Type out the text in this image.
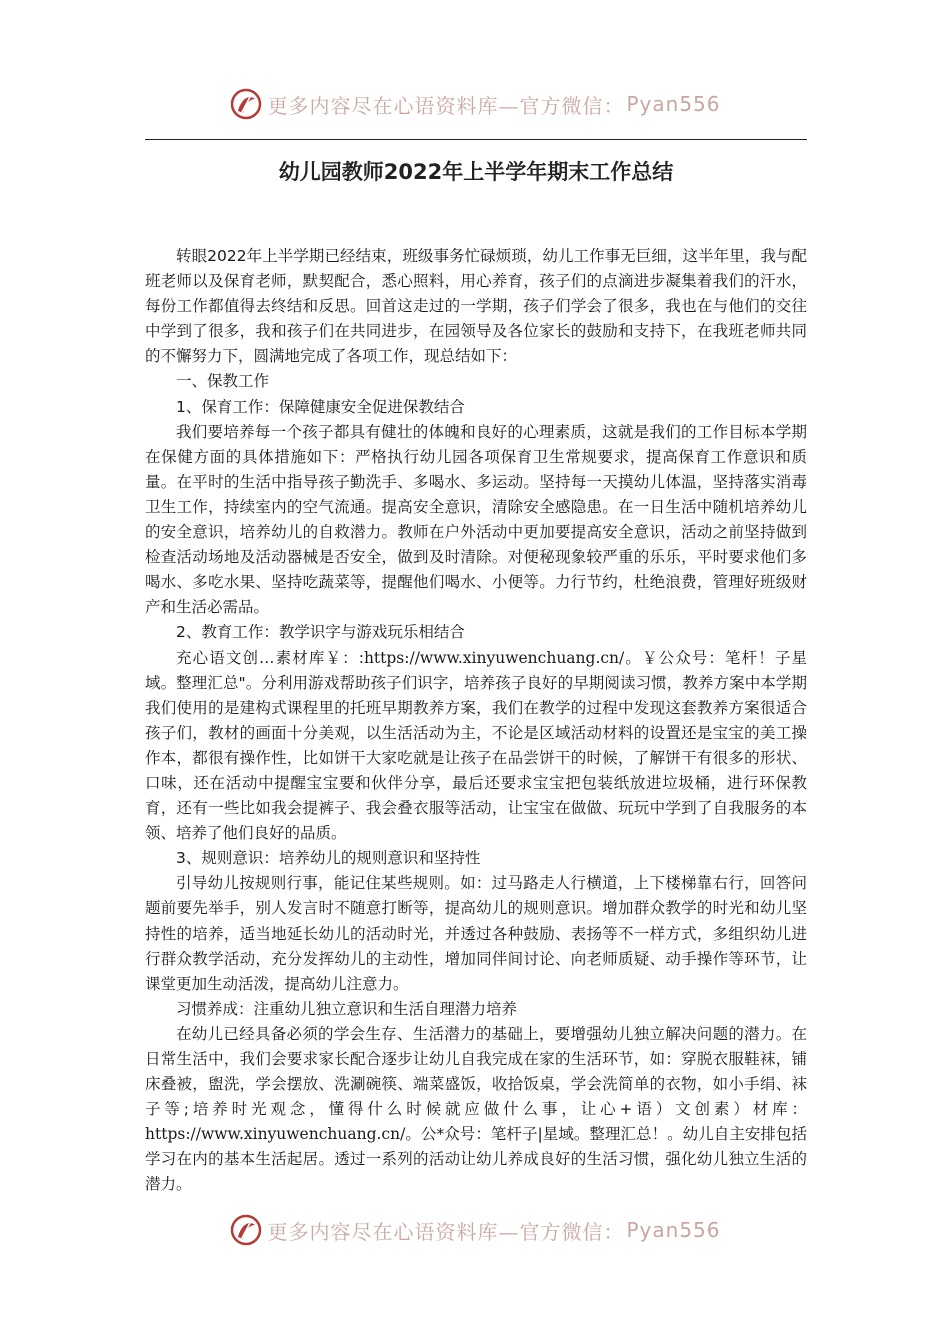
更多内容尽在心语资料库—官方微信： Pyan556
幼儿园教师2022年上半学年期末工作总结

转眼2022年上半学期已经结束，班级事务忙碌烦琐，幼儿工作事无巨细，这半年里，我与配班老师以及保育老师，默契配合，悉心照料，用心养育，孩子们的点滴进步凝集着我们的汗水，每份工作都值得去终结和反思。回首这走过的一学期，孩子们学会了很多，我也在与他们的交往中学到了很多，我和孩子们在共同进步，在园领导及各位家长的鼓励和支持下，在我班老师共同的不懈努力下，圆满地完成了各项工作，现总结如下：

一、保教工作

1、保育工作：保障健康安全促进保教结合

我们要培养每一个孩子都具有健壮的体魄和良好的心理素质，这就是我们的工作目标本学期在保健方面的具体措施如下：严格执行幼儿园各项保育卫生常规要求，提高保育工作意识和质量。在平时的生活中指导孩子勤洗手、多喝水、多运动。坚持每一天摸幼儿体温，坚持落实消毒卫生工作，持续室内的空气流通。提高安全意识，清除安全感隐患。在一日生活中随机培养幼儿的安全意识，培养幼儿的自救潜力。教师在户外活动中更加要提高安全意识，活动之前坚持做到检查活动场地及活动器械是否安全，做到及时清除。对便秘现象较严重的乐乐，平时要求他们多喝水、多吃水果、坚持吃蔬菜等，提醒他们喝水、小便等。力行节约，杜绝浪费，管理好班级财产和生活必需品。

2、教育工作：教学识字与游戏玩乐相结合

充心语文创…素材库￥：:https://www.xinyuwenchuang.cn/。￥公众号：笔杆！子星域。整理汇总"。分利用游戏帮助孩子们识字，培养孩子良好的早期阅读习惯，教养方案中本学期我们使用的是建构式课程里的托班早期教养方案，我们在教学的过程中发现这套教养方案很适合孩子们，教材的画面十分美观，以生活活动为主，不论是区域活动材料的设置还是宝宝的美工操作本，都很有操作性，比如饼干大家吃就是让孩子在品尝饼干的时候，了解饼干有很多的形状、口味，还在活动中提醒宝宝要和伙伴分享，最后还要求宝宝把包装纸放进垃圾桶，进行环保教育，还有一些比如我会提裤子、我会叠衣服等活动，让宝宝在做做、玩玩中学到了自我服务的本领、培养了他们良好的品质。

3、规则意识：培养幼儿的规则意识和坚持性

引导幼儿按规则行事，能记住某些规则。如：过马路走人行横道，上下楼梯靠右行，回答问题前要先举手，别人发言时不随意打断等，提高幼儿的规则意识。增加群众教学的时光和幼儿坚持性的培养，适当地延长幼儿的活动时光，并透过各种鼓励、表扬等不一样方式，多组织幼儿进行群众教学活动，充分发挥幼儿的主动性，增加同伴间讨论、向老师质疑、动手操作等环节，让课堂更加生动活泼，提高幼儿注意力。

习惯养成：注重幼儿独立意识和生活自理潜力培养

在幼儿已经具备必须的学会生存、生活潜力的基础上，要增强幼儿独立解决问题的潜力。在日常生活中，我们会要求家长配合逐步让幼儿自我完成在家的生活环节，如：穿脱衣服鞋袜，铺床叠被，盥洗，学会摆放、洗涮碗筷、端菜盛饭，收拾饭桌，学会洗简单的衣物，如小手绢、袜子等;培养时光观念，懂得什么时候就应做什么事，让心+语）文创素）材库：https://www.xinyuwenchuang.cn/。公*众号：笔杆子|星域。整理汇总！。幼儿自主安排包括学习在内的基本生活起居。透过一系列的活动让幼儿养成良好的生活习惯，强化幼儿独立生活的潜力。

更多内容尽在心语资料库—官方微信： Pyan556
